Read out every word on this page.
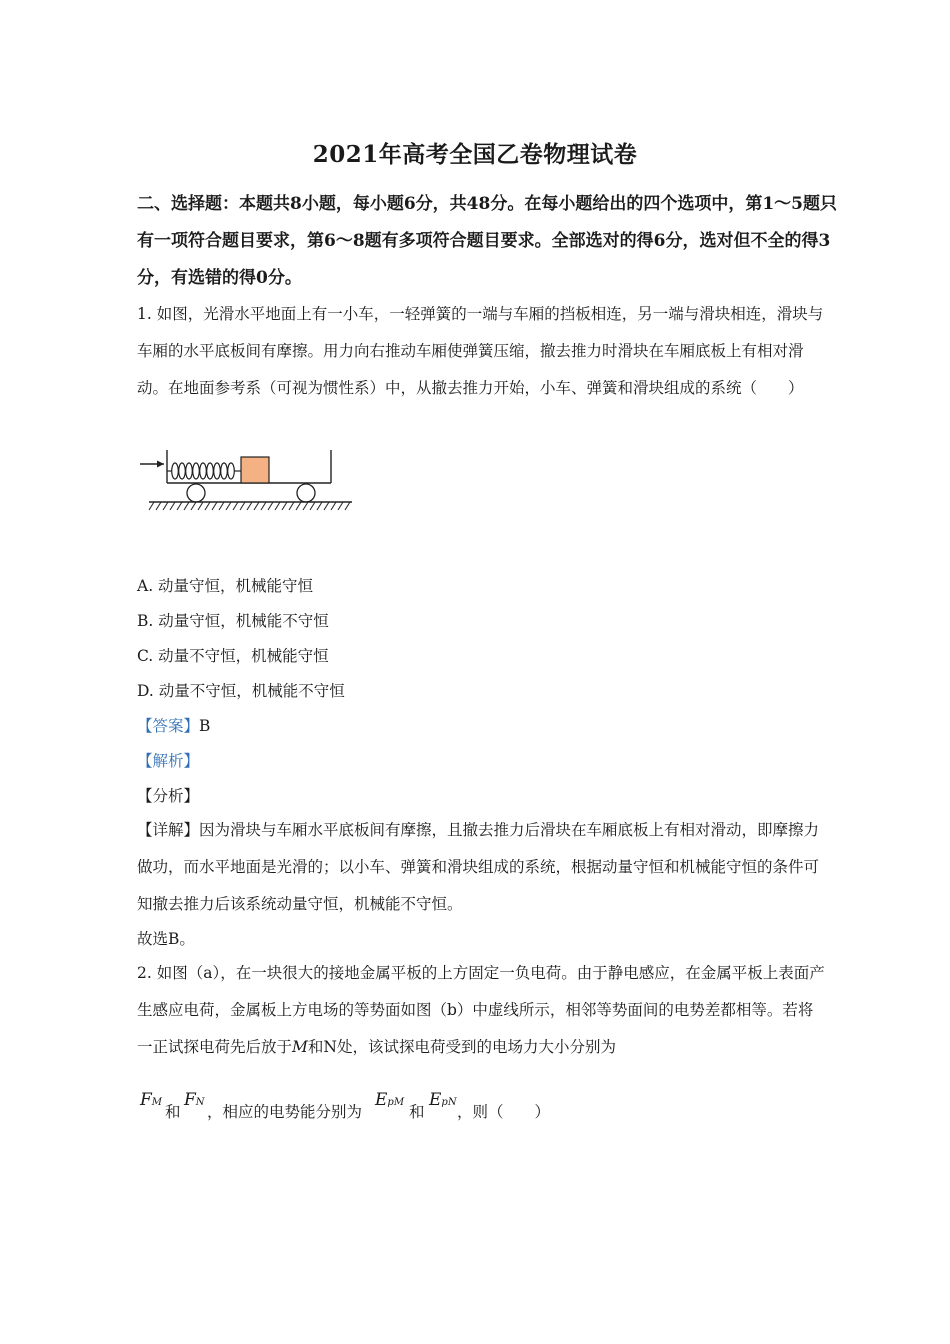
2021年高考全国乙卷物理试卷
二、选择题：本题共8小题，每小题6分，共48分。在每小题给出的四个选项中，第1～5题只有一项符合题目要求，第6～8题有多项符合题目要求。全部选对的得6分，选对但不全的得3分，有选错的得0分。
1. 如图，光滑水平地面上有一小车，一轻弹簧的一端与车厢的挡板相连，另一端与滑块相连，滑块与车厢的水平底板间有摩擦。用力向右推动车厢使弹簧压缩，撤去推力时滑块在车厢底板上有相对滑动。在地面参考系（可视为惯性系）中，从撤去推力开始，小车、弹簧和滑块组成的系统（　　）
A. 动量守恒，机械能守恒
B. 动量守恒，机械能不守恒
C. 动量不守恒，机械能守恒
D. 动量不守恒，机械能不守恒
【答案】B
【解析】
【分析】
【详解】因为滑块与车厢水平底板间有摩擦，且撤去推力后滑块在车厢底板上有相对滑动，即摩擦力做功，而水平地面是光滑的；以小车、弹簧和滑块组成的系统，根据动量守恒和机械能守恒的条件可知撤去推力后该系统动量守恒，机械能不守恒。
故选B。
2. 如图（a），在一块很大的接地金属平板的上方固定一负电荷。由于静电感应，在金属平板上表面产生感应电荷，金属板上方电场的等势面如图（b）中虚线所示，相邻等势面间的电势差都相等。若将一正试探电荷先后放于M和N处，该试探电荷受到的电场力大小分别为
FM
和
FN
，相应的电势能分别为
EpM
和
EpN
，则（　　）
